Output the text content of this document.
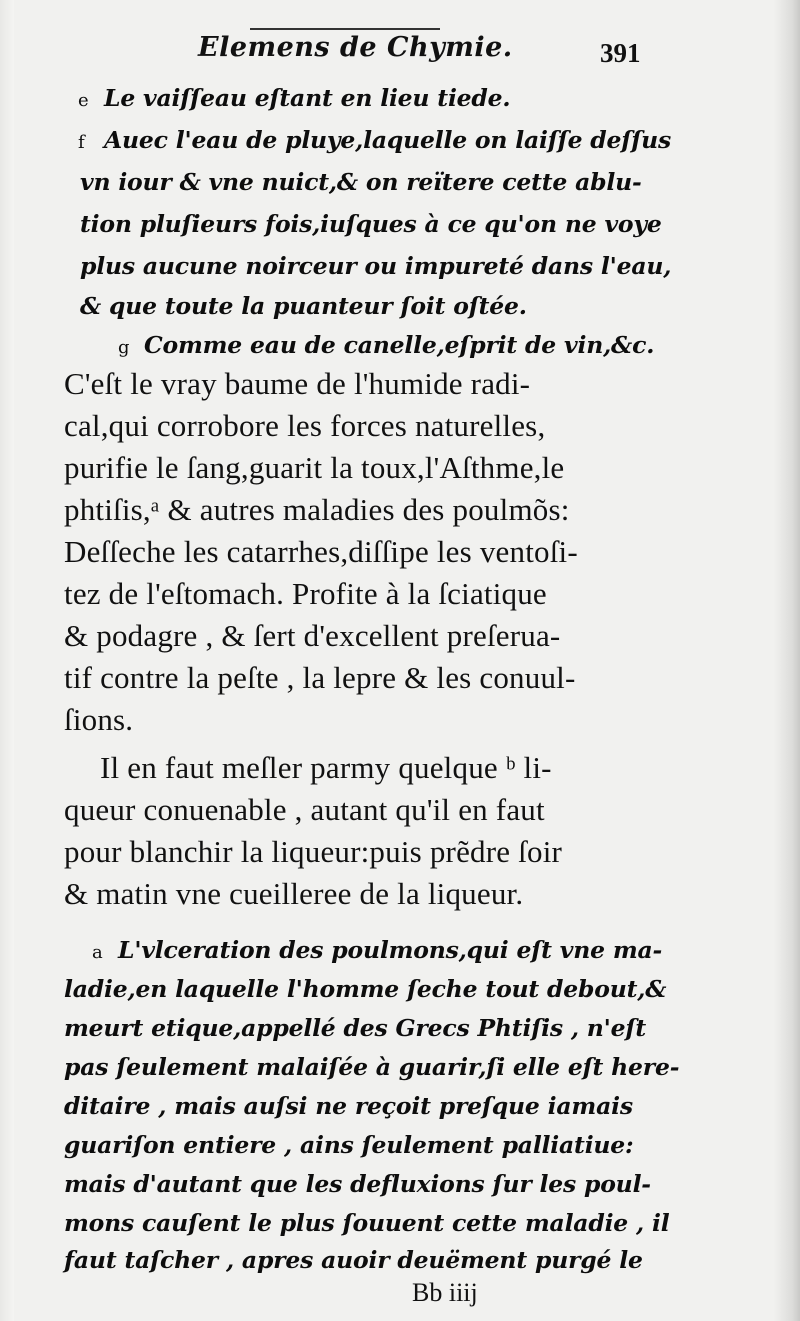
Elemens de Chymie.	391
e Le vaiſſeau eſtant en lieu tiede.
f Auec l'eau de pluye,laquelle on laiſſe deſſus
vn iour & vne nuict,& on reïtere cette ablu-
tion pluſieurs fois,iuſques à ce qu'on ne voye
plus aucune noirceur ou impureté dans l'eau,
& que toute la puanteur ſoit oſtée.
g Comme eau de canelle,eſprit de vin,&c.
C'eſt le vray baume de l'humide radi-
cal,qui corrobore les forces naturelles,
purifie le ſang,guarit la toux,l'Aſthme,le
phtiſis,ᵃ & autres maladies des poulmõs:
Deſſeche les catarrhes,diſſipe les ventoſi-
tez de l'eſtomach. Profite à la ſciatique
& podagre , & ſert d'excellent preſerua-
tif contre la peſte , la lepre & les conuul-
ſions.
Il en faut meſler parmy quelque ᵇ li-
queur conuenable , autant qu'il en faut
pour blanchir la liqueur:puis prẽdre ſoir
& matin vne cueilleree de la liqueur.
a L'vlceration des poulmons,qui eſt vne ma-
ladie,en laquelle l'homme ſeche tout debout,&
meurt etique,appellé des Grecs Phtiſis , n'eſt
pas ſeulement malaiſée à guarir,ſi elle eſt here-
ditaire , mais auſsi ne reçoit preſque iamais
guariſon entiere , ains ſeulement palliatiue:
mais d'autant que les defluxions ſur les poul-
mons cauſent le plus ſouuent cette maladie , il
faut taſcher , apres auoir deuëment purgé le
Bb iiij
